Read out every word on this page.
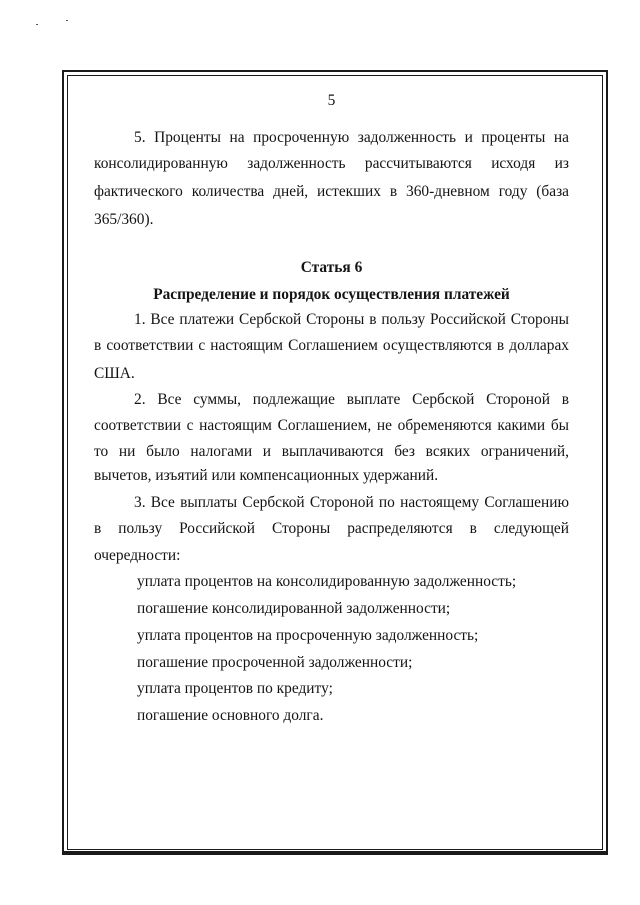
5
5. Проценты на просроченную задолженность и проценты на
консолидированную задолженность рассчитываются исходя из
фактического количества дней, истекших в 360-дневном году (база
365/360).
Статья 6
Распределение и порядок осуществления платежей
1. Все платежи Сербской Стороны в пользу Российской Стороны
в соответствии с настоящим Соглашением осуществляются в долларах
США.
2. Все суммы, подлежащие выплате Сербской Стороной в
соответствии с настоящим Соглашением, не обременяются какими бы
то ни было налогами и выплачиваются без всяких ограничений,
вычетов, изъятий или компенсационных удержаний.
3. Все выплаты Сербской Стороной по настоящему Соглашению
в пользу Российской Стороны распределяются в следующей
очередности:
уплата процентов на консолидированную задолженность;
погашение консолидированной задолженности;
уплата процентов на просроченную задолженность;
погашение просроченной задолженности;
уплата процентов по кредиту;
погашение основного долга.
